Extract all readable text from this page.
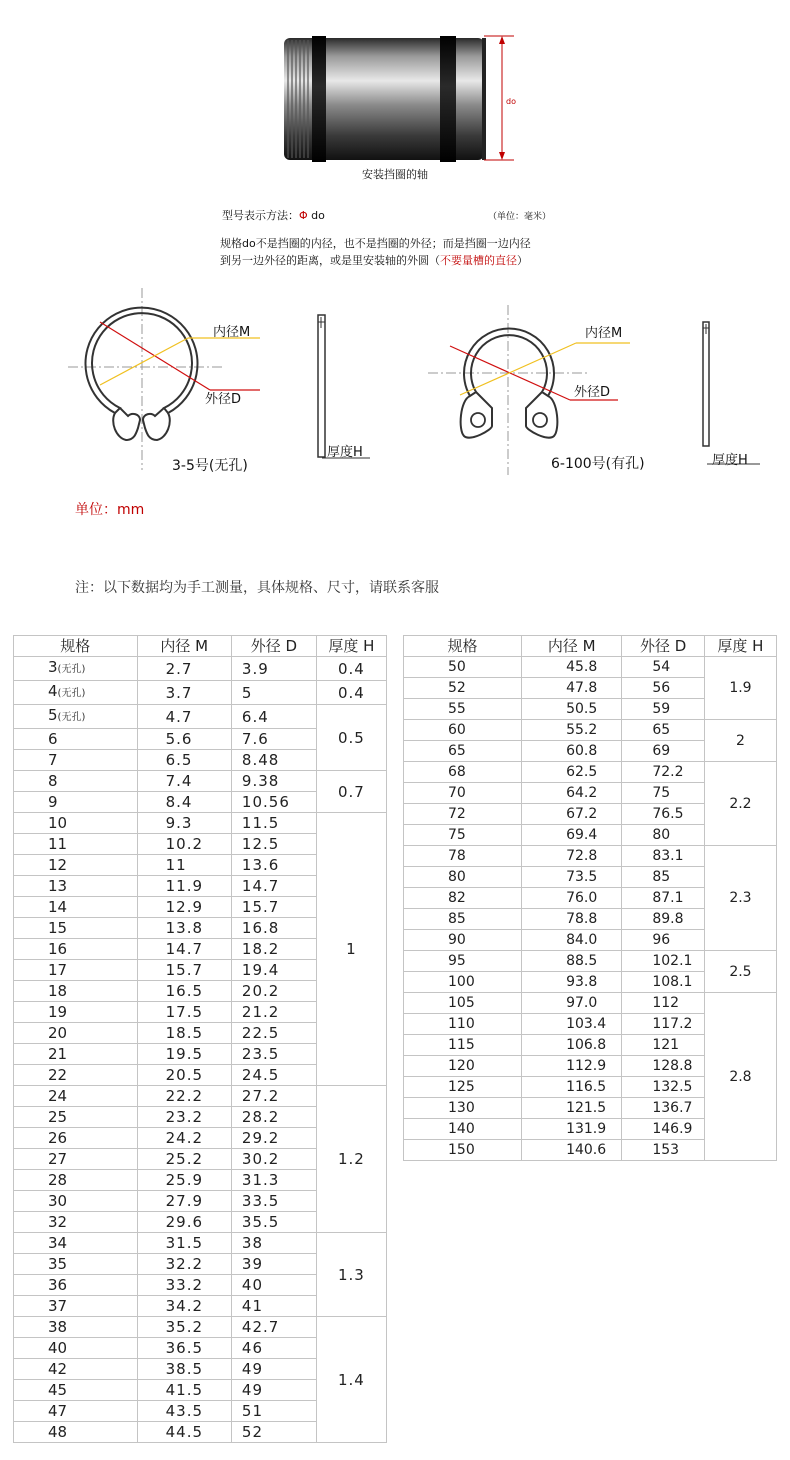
do
安装挡圈的轴
型号表示方法：Φ do	（单位：毫米）
规格do不是挡圈的内径，也不是挡圈的外径；而是挡圈一边内径
到另一边外径的距离，或是里安装轴的外圆（不要量槽的直径）
内径M
外径D
厚度H
3-5号(无孔)
内径M
外径D
厚度H
6-100号(有孔)
单位：mm
注：以下数据均为手工测量，具体规格、尺寸，请联系客服
规格	内径 M	外径 D	厚度 H
3(无孔)	2.7	3.9	0.4
4(无孔)	3.7	5	0.4
5(无孔)	4.7	6.4	0.5
6	5.6	7.6	
7	6.5	8.48	
8	7.4	9.38	0.7
9	8.4	10.56	
10	9.3	11.5	1
11	10.2	12.5	
12	11	13.6	
13	11.9	14.7	
14	12.9	15.7	
15	13.8	16.8	
16	14.7	18.2	
17	15.7	19.4	
18	16.5	20.2	
19	17.5	21.2	
20	18.5	22.5	
21	19.5	23.5	
22	20.5	24.5	
24	22.2	27.2	1.2
25	23.2	28.2	
26	24.2	29.2	
27	25.2	30.2	
28	25.9	31.3	
30	27.9	33.5	
32	29.6	35.5	
34	31.5	38	1.3
35	32.2	39	
36	33.2	40	
37	34.2	41	
38	35.2	42.7	1.4
40	36.5	46	
42	38.5	49	
45	41.5	49	
47	43.5	51	
48	44.5	52	
规格	内径 M	外径 D	厚度 H
50	45.8	54	1.9
52	47.8	56	
55	50.5	59	
60	55.2	65	2
65	60.8	69	
68	62.5	72.2	2.2
70	64.2	75	
72	67.2	76.5	
75	69.4	80	
78	72.8	83.1	2.3
80	73.5	85	
82	76.0	87.1	
85	78.8	89.8	
90	84.0	96	
95	88.5	102.1	2.5
100	93.8	108.1	
105	97.0	112	2.8
110	103.4	117.2	
115	106.8	121	
120	112.9	128.8	
125	116.5	132.5	
130	121.5	136.7	
140	131.9	146.9	
150	140.6	153	
